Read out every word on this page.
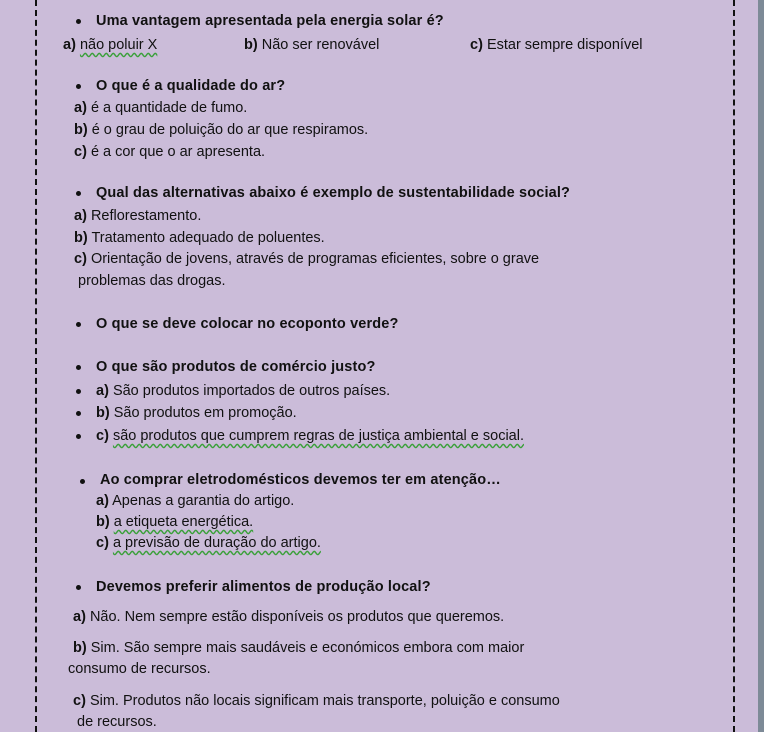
Uma vantagem apresentada pela energia solar é?
a) não poluir X	b) Não ser renovável	c) Estar sempre disponível
O que é a qualidade do ar?
a) é a quantidade de fumo.
b) é o grau de poluição do ar que respiramos.
c) é a cor que o ar apresenta.
Qual das alternativas abaixo é exemplo de sustentabilidade social?
a) Reflorestamento.
b) Tratamento adequado de poluentes.
c) Orientação de jovens, através de programas eficientes, sobre o grave
problemas das drogas.
O que se deve colocar no ecoponto verde?
O que são produtos de comércio justo?
a) São produtos importados de outros países.
b) São produtos em promoção.
c) são produtos que cumprem regras de justiça ambiental e social.
Ao comprar eletrodomésticos devemos ter em atenção…
a) Apenas a garantia do artigo.
b) a etiqueta energética.
c) a previsão de duração do artigo.
Devemos preferir alimentos de produção local?
a) Não. Nem sempre estão disponíveis os produtos que queremos.
b) Sim. São sempre mais saudáveis e económicos embora com maior
consumo de recursos.
c) Sim. Produtos não locais significam mais transporte, poluição e consumo
de recursos.
